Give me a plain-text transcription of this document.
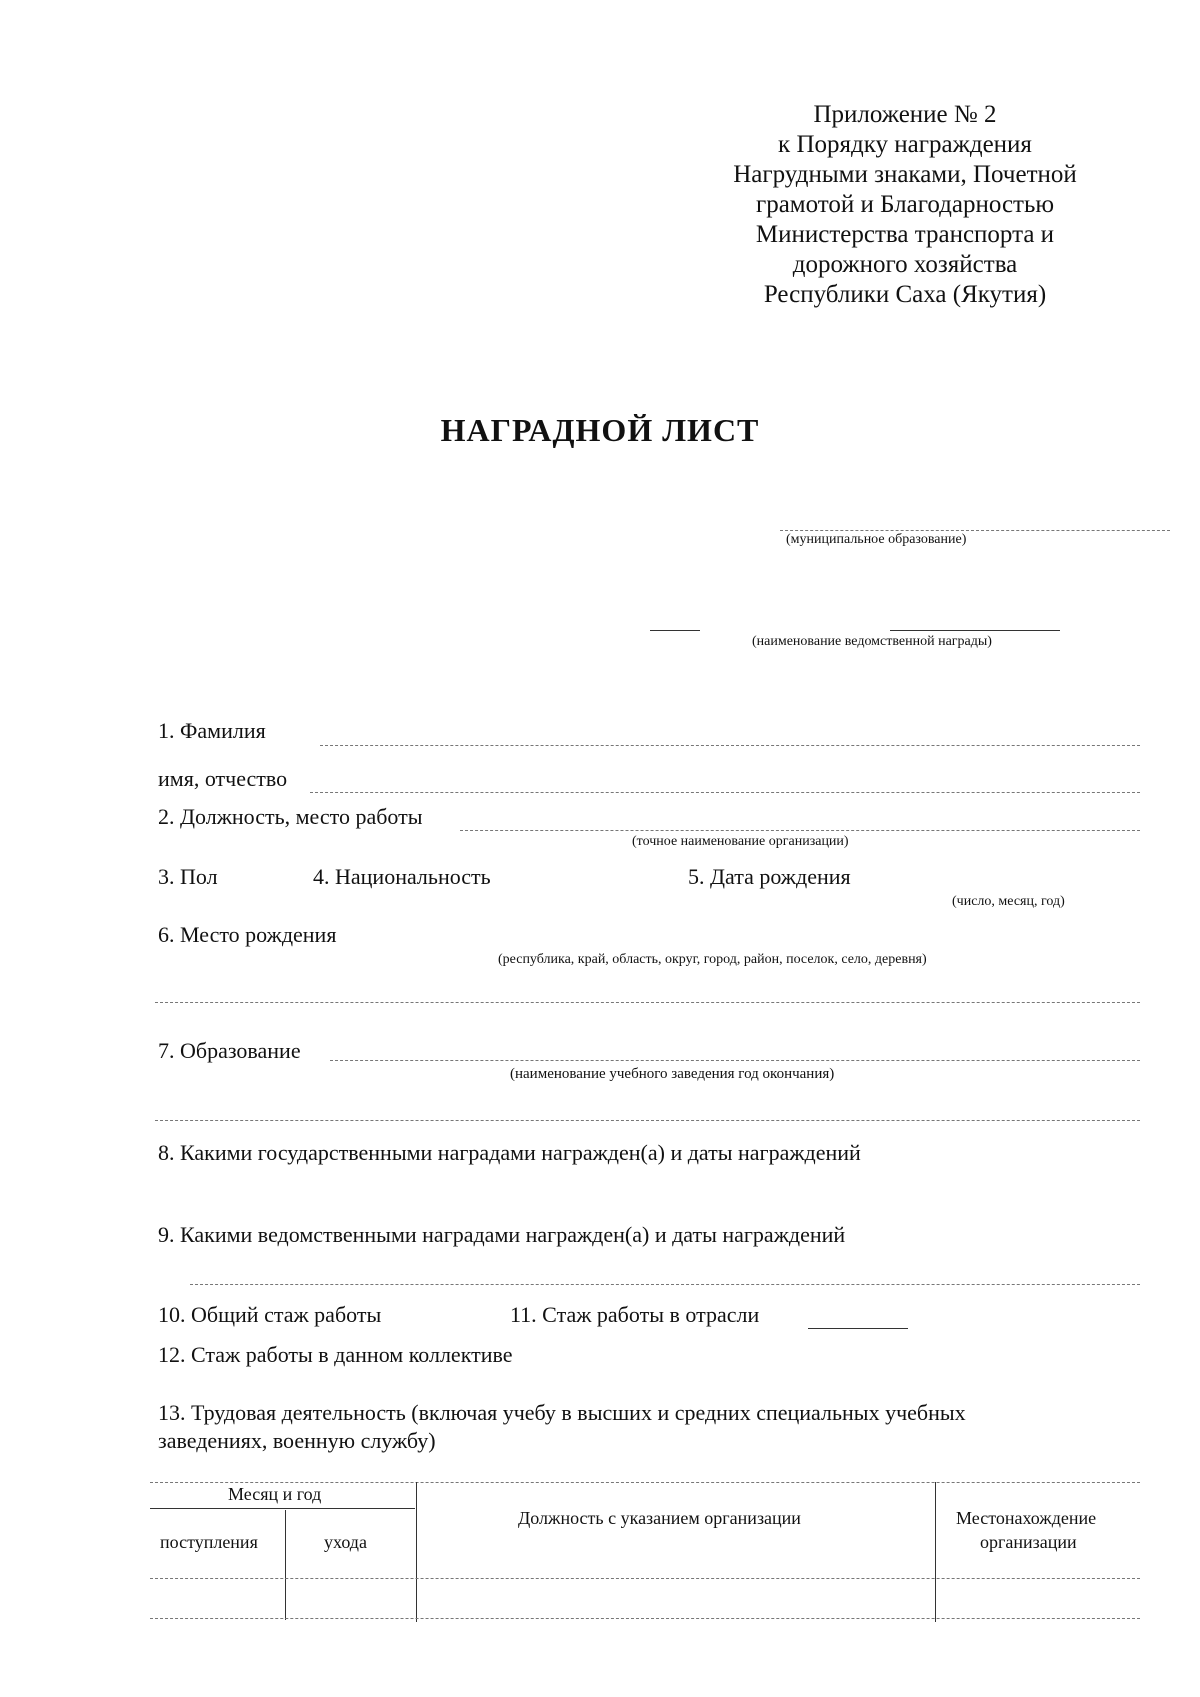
Приложение № 2
к Порядку награждения
Нагрудными знаками, Почетной
грамотой и Благодарностью
Министерства транспорта и
дорожного хозяйства
Республики Саха (Якутия)
НАГРАДНОЙ ЛИСТ
(муниципальное образование)
(наименование ведомственной награды)
1. Фамилия
имя, отчество
2. Должность, место работы
(точное наименование организации)
3. Пол	4. Национальность	5. Дата рождения
(число, месяц, год)
6. Место рождения
(республика, край, область, округ, город, район, поселок, село, деревня)
7. Образование
(наименование учебного заведения год окончания)
8. Какими государственными наградами награжден(а) и даты награждений
9. Какими ведомственными наградами награжден(а) и даты награждений
10. Общий стаж работы	11. Стаж работы в отрасли
12. Стаж работы в данном коллективе
13. Трудовая деятельность (включая учебу в высших и средних специальных учебных
заведениях, военную службу)
Месяц и год
поступления	ухода
Должность с указанием организации	Местонахождение
организации
